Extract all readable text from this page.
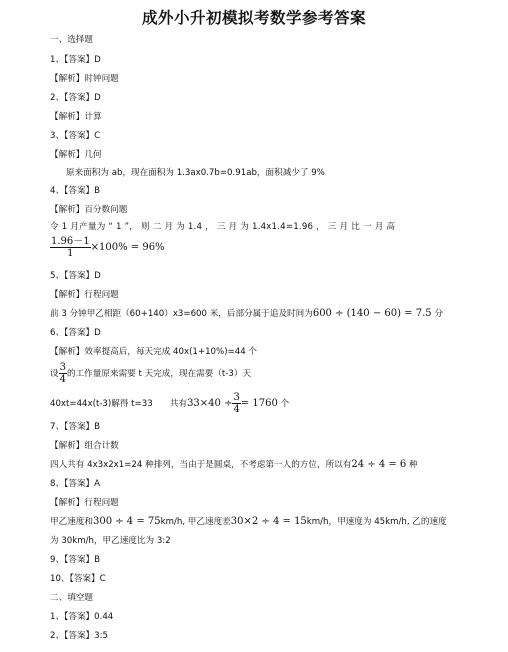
成外小升初模拟考数学参考答案
一、选择题
1、【答案】D
【解析】时钟问题
2、【答案】D
【解析】计算
3、【答案】C
【解析】几何
原来面积为 ab，现在面积为 1.3ax0.7b=0.91ab，面积减少了 9%
4、【答案】B
【解析】百分数问题
令 1 月产量为 “ 1 ”， 则 二 月 为 1.4 ， 三 月 为 1.4x1.4=1.96 ， 三 月 比 一 月 高
$\frac{1.96-1}{1} \times 100\% = 96\%$
5、【答案】D
【解析】行程问题
前 3 分钟甲乙相距（60+140）x3=600 米，后部分属于追及时间为600 ÷ (140 − 60) = 7.5 分
6、【答案】D
【解析】效率提高后，每天完成 40x(1+10%)=44 个
设 $\frac{3}{4}$ 的工作量原来需要 t 天完成，现在需要（t-3）天
40xt=44x(t-3)解得 t=33　　共有$33\times 40 \div \frac{3}{4} = 1760$ 个
7、【答案】B
【解析】组合计数
四人共有 4x3x2x1=24 种排列，当由于是圆桌，不考虑第一人的方位，所以有24 ÷ 4 = 6 种
8、【答案】A
【解析】行程问题
甲乙速度和300 ÷ 4 = 75km/h, 甲乙速度差30×2 ÷ 4 = 15km/h，甲速度为 45km/h, 乙的速度
为 30km/h，甲乙速度比为 3:2
9、【答案】B
10、【答案】C
二、填空题
1、【答案】0.44
2、【答案】3:5
